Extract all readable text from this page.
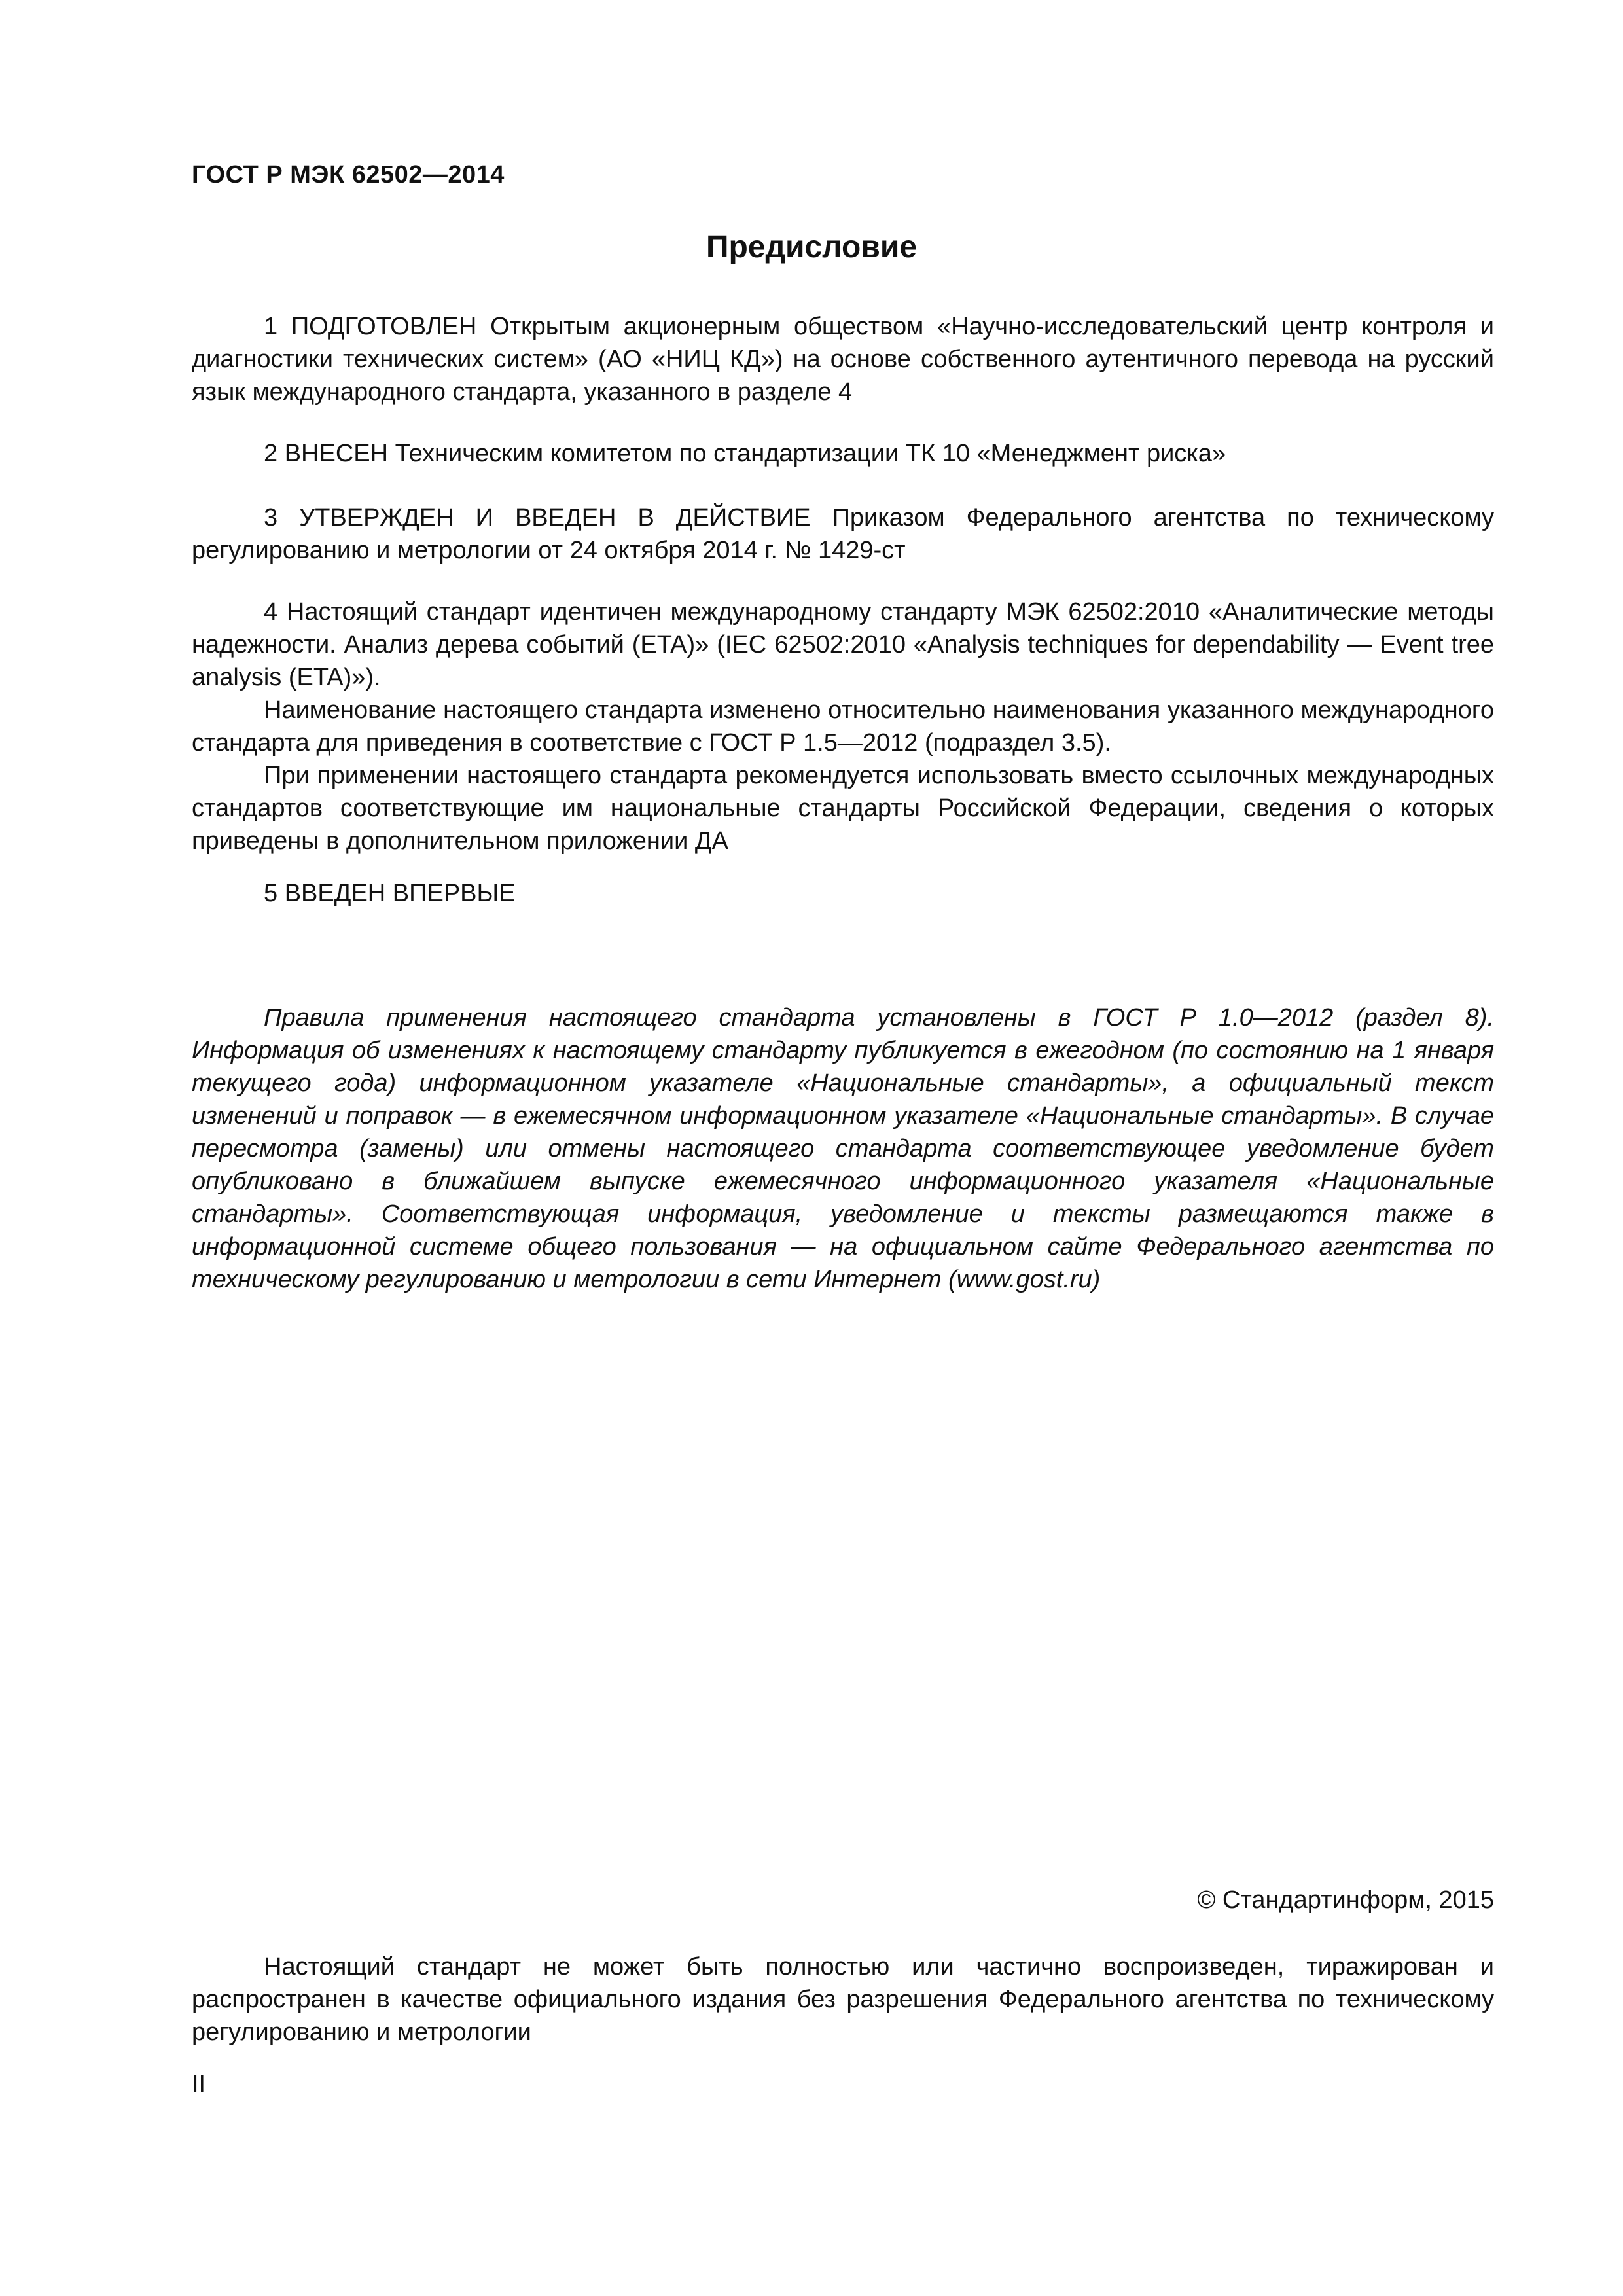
ГОСТ Р МЭК 62502—2014
Предисловие

1 ПОДГОТОВЛЕН Открытым акционерным обществом «Научно-исследовательский центр контроля и диагностики технических систем» (АО «НИЦ КД») на основе собственного аутентичного перевода на русский язык международного стандарта, указанного в разделе 4

2 ВНЕСЕН Техническим комитетом по стандартизации ТК 10 «Менеджмент риска»

3 УТВЕРЖДЕН И ВВЕДЕН В ДЕЙСТВИЕ Приказом Федерального агентства по техническому регулированию и метрологии от 24 октября 2014 г. № 1429-ст

4 Настоящий стандарт идентичен международному стандарту МЭК 62502:2010 «Аналитические методы надежности. Анализ дерева событий (ETA)» (IEC 62502:2010 «Analysis techniques for dependability — Event tree analysis (ETA)»).

Наименование настоящего стандарта изменено относительно наименования указанного международного стандарта для приведения в соответствие с ГОСТ Р 1.5—2012 (подраздел 3.5).

При применении настоящего стандарта рекомендуется использовать вместо ссылочных международных стандартов соответствующие им национальные стандарты Российской Федерации, сведения о которых приведены в дополнительном приложении ДА

5 ВВЕДЕН ВПЕРВЫЕ

Правила применения настоящего стандарта установлены в ГОСТ Р 1.0—2012 (раздел 8). Информация об изменениях к настоящему стандарту публикуется в ежегодном (по состоянию на 1 января текущего года) информационном указателе «Национальные стандарты», а официальный текст изменений и поправок — в ежемесячном информационном указателе «Национальные стандарты». В случае пересмотра (замены) или отмены настоящего стандарта соответствующее уведомление будет опубликовано в ближайшем выпуске ежемесячного информационного указателя «Национальные стандарты». Соответствующая информация, уведомление и тексты размещаются также в информационной системе общего пользования — на официальном сайте Федерального агентства по техническому регулированию и метрологии в сети Интернет (www.gost.ru)

© Стандартинформ, 2015

Настоящий стандарт не может быть полностью или частично воспроизведен, тиражирован и распространен в качестве официального издания без разрешения Федерального агентства по техническому регулированию и метрологии

II
